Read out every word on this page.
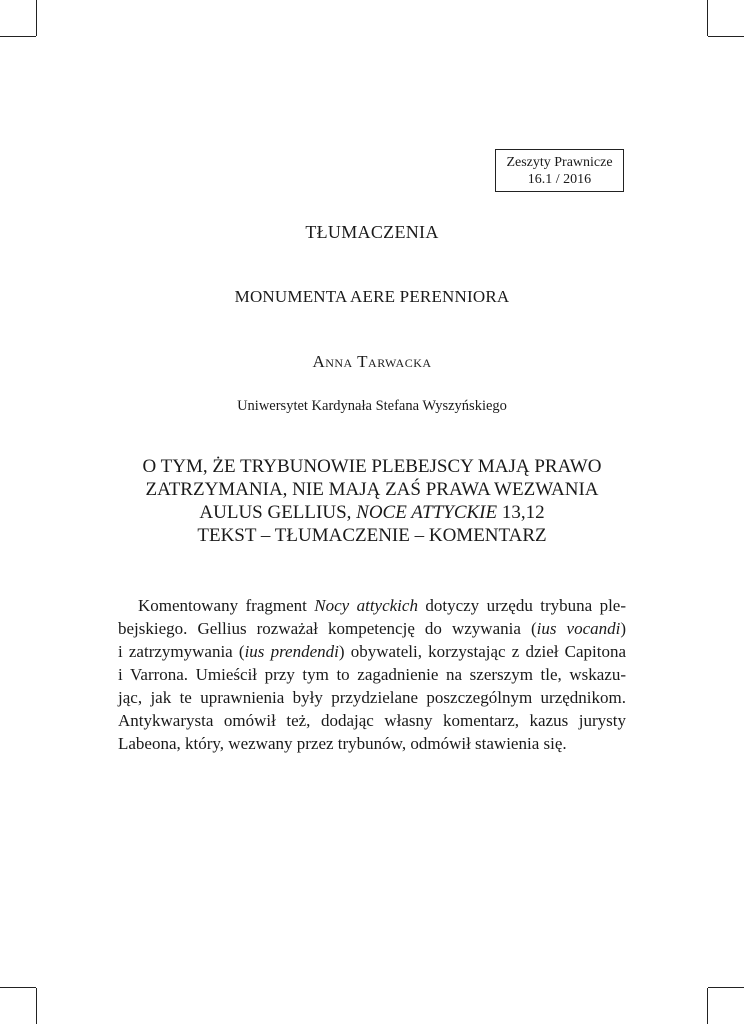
Zeszyty Prawnicze
16.1 / 2016
TŁUMACZENIA
MONUMENTA AERE PERENNIORA
Anna Tarwacka
Uniwersytet Kardynała Stefana Wyszyńskiego
O TYM, ŻE TRYBUNOWIE PLEBEJSCY MAJĄ PRAWO
ZATRZYMANIA, NIE MAJĄ ZAŚ PRAWA WEZWANIA
AULUS GELLIUS, NOCE ATTYCKIE 13,12
TEKST – TŁUMACZENIE – KOMENTARZ
Komentowany fragment Nocy attyckich dotyczy urzędu trybuna ple-
bejskiego. Gellius rozważał kompetencję do wzywania (ius vocandi)
i zatrzymywania (ius prendendi) obywateli, korzystając z dzieł Capitona
i Varrona. Umieścił przy tym to zagadnienie na szerszym tle, wskazu-
jąc, jak te uprawnienia były przydzielane poszczególnym urzędnikom.
Antykwarysta omówił też, dodając własny komentarz, kazus jurysty
Labeona, który, wezwany przez trybunów, odmówił stawienia się.
